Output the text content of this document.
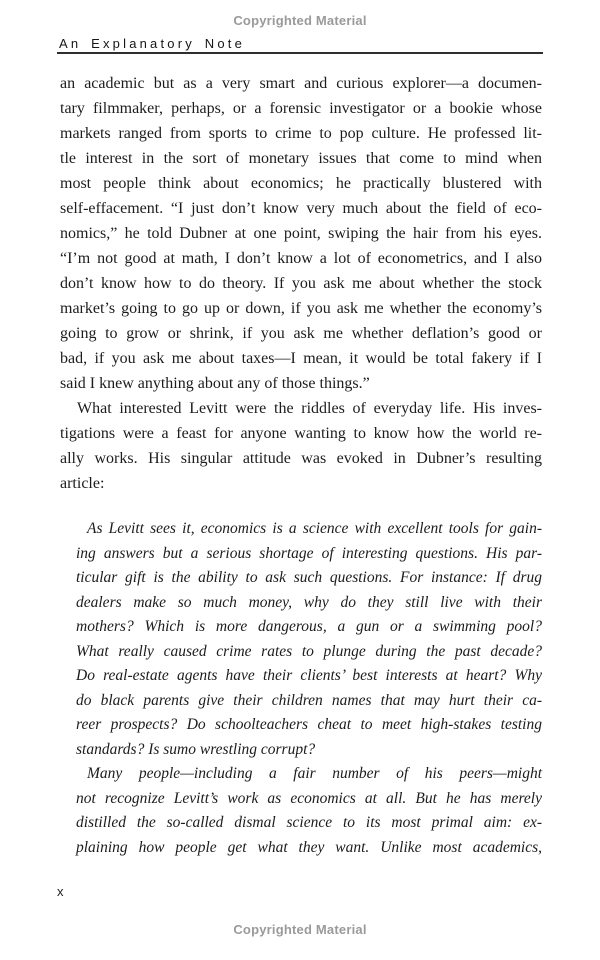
Copyrighted Material
An Explanatory Note
an academic but as a very smart and curious explorer—a documen-
tary filmmaker, perhaps, or a forensic investigator or a bookie whose
markets ranged from sports to crime to pop culture. He professed lit-
tle interest in the sort of monetary issues that come to mind when
most people think about economics; he practically blustered with
self-effacement. “I just don’t know very much about the field of eco-
nomics,” he told Dubner at one point, swiping the hair from his eyes.
“I’m not good at math, I don’t know a lot of econometrics, and I also
don’t know how to do theory. If you ask me about whether the stock
market’s going to go up or down, if you ask me whether the economy’s
going to grow or shrink, if you ask me whether deflation’s good or
bad, if you ask me about taxes—I mean, it would be total fakery if I
said I knew anything about any of those things.”
What interested Levitt were the riddles of everyday life. His inves-
tigations were a feast for anyone wanting to know how the world re-
ally works. His singular attitude was evoked in Dubner’s resulting
article:
As Levitt sees it, economics is a science with excellent tools for gain-
ing answers but a serious shortage of interesting questions. His par-
ticular gift is the ability to ask such questions. For instance: If drug
dealers make so much money, why do they still live with their
mothers? Which is more dangerous, a gun or a swimming pool?
What really caused crime rates to plunge during the past decade?
Do real-estate agents have their clients’ best interests at heart? Why
do black parents give their children names that may hurt their ca-
reer prospects? Do schoolteachers cheat to meet high-stakes testing
standards? Is sumo wrestling corrupt?
Many people—including a fair number of his peers—might
not recognize Levitt’s work as economics at all. But he has merely
distilled the so-called dismal science to its most primal aim: ex-
plaining how people get what they want. Unlike most academics,
x
Copyrighted Material
